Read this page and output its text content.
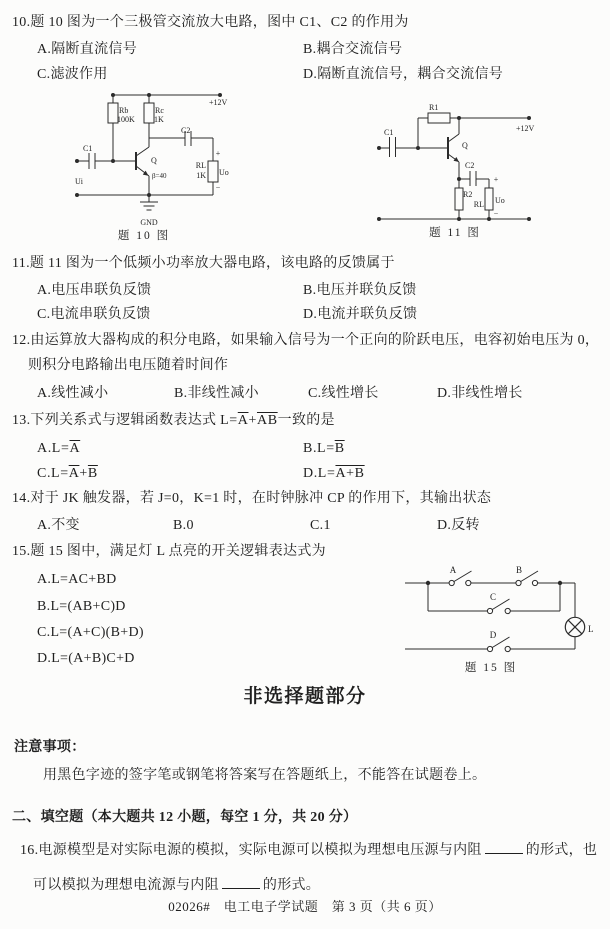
10.题 10 图为一个三极管交流放大电路，图中 C1、C2 的作用为
A.隔断直流信号	B.耦合交流信号
C.滤波作用	D.隔断直流信号，耦合交流信号
+12V
Rb
100K
Rc
1K
C1
C2
Ui
Q
β=40
RL
1K Uo
+
−
GND
题 10 图
R1
+12V
C1
Q
C2
+
R2
RL Uo
−
题 11 图
11.题 11 图为一个低频小功率放大器电路，该电路的反馈属于
A.电压串联负反馈	B.电压并联负反馈
C.电流串联负反馈	D.电流并联负反馈
12.由运算放大器构成的积分电路，如果输入信号为一个正向的阶跃电压，电容初始电压为 0，
则积分电路输出电压随着时间作
A.线性减小	B.非线性减小	C.线性增长	D.非线性增长
13.下列关系式与逻辑函数表达式 $L=\overline{A}+\overline{AB}$一致的是
$A.L=\overline{A}$	$B.L=\overline{B}$
$C.L=\overline{A}+\overline{B}$	D.L=A+B
14.对于 JK 触发器，若 J=0，K=1 时，在时钟脉冲 CP 的作用下，其输出状态
A.不变	B.0	C.1	D.反转
15.题 15 图中，满足灯 L 点亮的开关逻辑表达式为
A.L=AC+BD
B.L=(AB+C)D
C.L=(A+C)(B+D)
D.L=(A+B)C+D
A	B
C
D
L
题 15 图
非选择题部分
注意事项：
用黑色字迹的签字笔或钢笔将答案写在答题纸上，不能答在试题卷上。
二、填空题（本大题共 12 小题，每空 1 分，共 20 分）
16.电源模型是对实际电源的模拟，实际电源可以模拟为理想电压源与内阻	的形式，也
可以模拟为理想电流源与内阻	的形式。
02026#　电工电子学试题　第 3 页（共 6 页）
